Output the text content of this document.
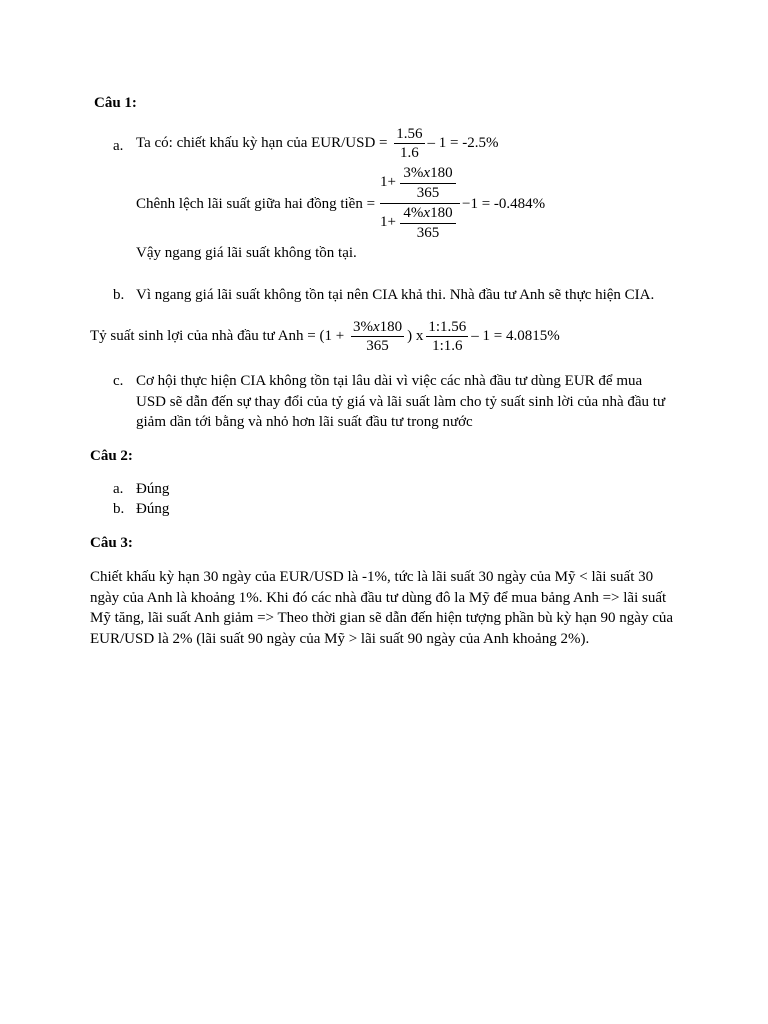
Câu 1:
a. Ta có: chiết khấu kỳ hạn của $EUR/USD = \frac{1.56}{1.6} - 1 = -2.5\%$
Chênh lệch lãi suất giữa hai đồng tiền =
$1+ \frac{3\%x180}{365}$
$1+ \frac{4\%x180}{365} -1 = -0.484\%$
Vậy ngang giá lãi suất không tồn tại.
b. Vì ngang giá lãi suất không tồn tại nên CIA khả thi. Nhà đầu tư Anh sẽ thực hiện CIA.
Tỷ suất sinh lợi của nhà đầu tư Anh = ($1 + \frac{3\%x180}{365}$ ) x $\frac{1:1.56}{1:1.6} - 1 = 4.0815\%$
c. Cơ hội thực hiện CIA không tồn tại lâu dài vì việc các nhà đầu tư dùng EUR để mua
USD sẽ dẫn đến sự thay đổi của tỷ giá và lãi suất làm cho tỷ suất sinh lời của nhà đầu tư
giảm dần tới bằng và nhỏ hơn lãi suất đầu tư trong nước
Câu 2:
a. Đúng
b. Đúng
Câu 3:
Chiết khấu kỳ hạn 30 ngày của EUR/USD là -1%, tức là lãi suất 30 ngày của Mỹ < lãi suất 30
ngày của Anh là khoảng 1%. Khi đó các nhà đầu tư dùng đô la Mỹ để mua bảng Anh => lãi suất
Mỹ tăng, lãi suất Anh giảm => Theo thời gian sẽ dẫn đến hiện tượng phần bù kỳ hạn 90 ngày của
EUR/USD là 2% (lãi suất 90 ngày của Mỹ > lãi suất 90 ngày của Anh khoảng 2%).
